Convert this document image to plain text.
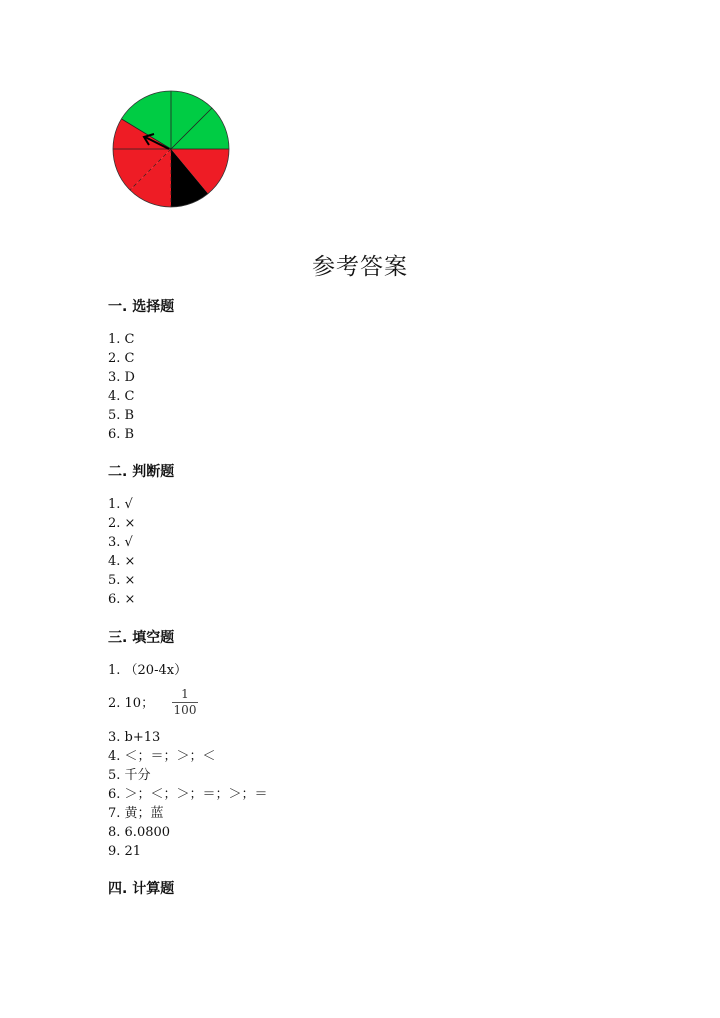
参考答案
一. 选择题
1. C
2. C
3. D
4. C
5. B
6. B
二. 判断题
1. √
2. ×
3. √
4. ×
5. ×
6. ×
三. 填空题
1. （20-4x）
2. 10；
1
100
3. b+13
4. ＜；＝；＞；＜
5. 千分
6. ＞；＜；＞；＝；＞；＝
7. 黄；蓝
8. 6.0800
9. 21
四. 计算题
